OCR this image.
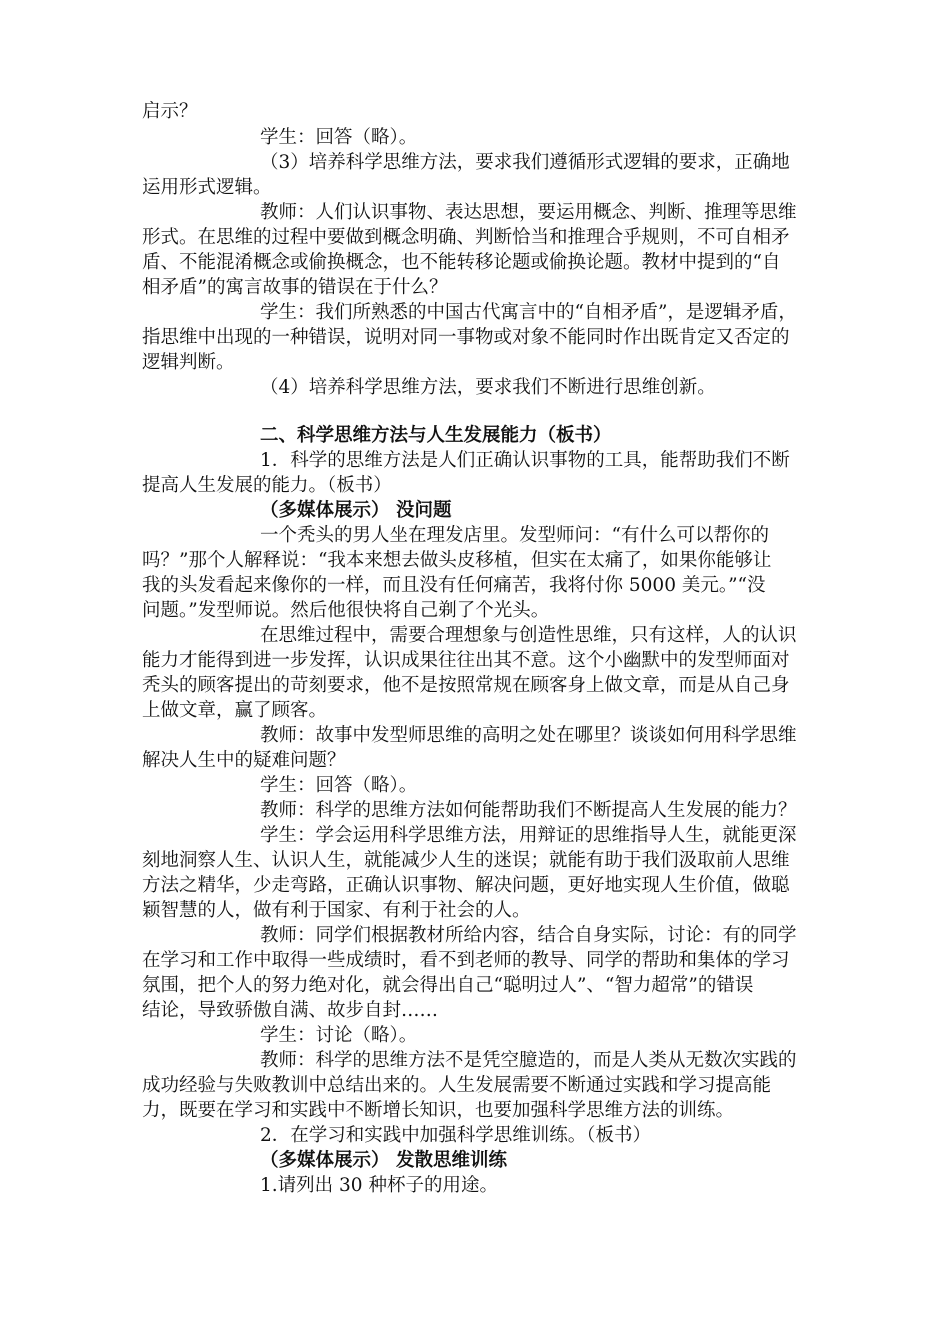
启示？
学生：回答（略）。
（3）培养科学思维方法，要求我们遵循形式逻辑的要求，正确地
运用形式逻辑。
教师：人们认识事物、表达思想，要运用概念、判断、推理等思维
形式。在思维的过程中要做到概念明确、判断恰当和推理合乎规则，不可自相矛
盾、不能混淆概念或偷换概念，也不能转移论题或偷换论题。教材中提到的“自
相矛盾”的寓言故事的错误在于什么？
学生：我们所熟悉的中国古代寓言中的“自相矛盾”，是逻辑矛盾，
指思维中出现的一种错误，说明对同一事物或对象不能同时作出既肯定又否定的
逻辑判断。
（4）培养科学思维方法，要求我们不断进行思维创新。
二、科学思维方法与人生发展能力（板书）
1．科学的思维方法是人们正确认识事物的工具，能帮助我们不断
提高人生发展的能力。（板书）
（多媒体展示） 没问题
一个秃头的男人坐在理发店里。发型师问：“有什么可以帮你的
吗？”那个人解释说：“我本来想去做头皮移植，但实在太痛了，如果你能够让
我的头发看起来像你的一样，而且没有任何痛苦，我将付你 5000 美元。”“没
问题。”发型师说。然后他很快将自己剃了个光头。
在思维过程中，需要合理想象与创造性思维，只有这样，人的认识
能力才能得到进一步发挥，认识成果往往出其不意。这个小幽默中的发型师面对
秃头的顾客提出的苛刻要求，他不是按照常规在顾客身上做文章，而是从自己身
上做文章，赢了顾客。
教师：故事中发型师思维的高明之处在哪里？谈谈如何用科学思维
解决人生中的疑难问题？
学生：回答（略）。
教师：科学的思维方法如何能帮助我们不断提高人生发展的能力？
学生：学会运用科学思维方法，用辩证的思维指导人生，就能更深
刻地洞察人生、认识人生，就能减少人生的迷误；就能有助于我们汲取前人思维
方法之精华，少走弯路，正确认识事物、解决问题，更好地实现人生价值，做聪
颖智慧的人，做有利于国家、有利于社会的人。
教师：同学们根据教材所给内容，结合自身实际，讨论：有的同学
在学习和工作中取得一些成绩时，看不到老师的教导、同学的帮助和集体的学习
氛围，把个人的努力绝对化，就会得出自己“聪明过人”、“智力超常”的错误
结论，导致骄傲自满、故步自封……
学生：讨论（略）。
教师：科学的思维方法不是凭空臆造的，而是人类从无数次实践的
成功经验与失败教训中总结出来的。人生发展需要不断通过实践和学习提高能
力，既要在学习和实践中不断增长知识，也要加强科学思维方法的训练。
2．在学习和实践中加强科学思维训练。（板书）
（多媒体展示） 发散思维训练
1.请列出 30 种杯子的用途。
